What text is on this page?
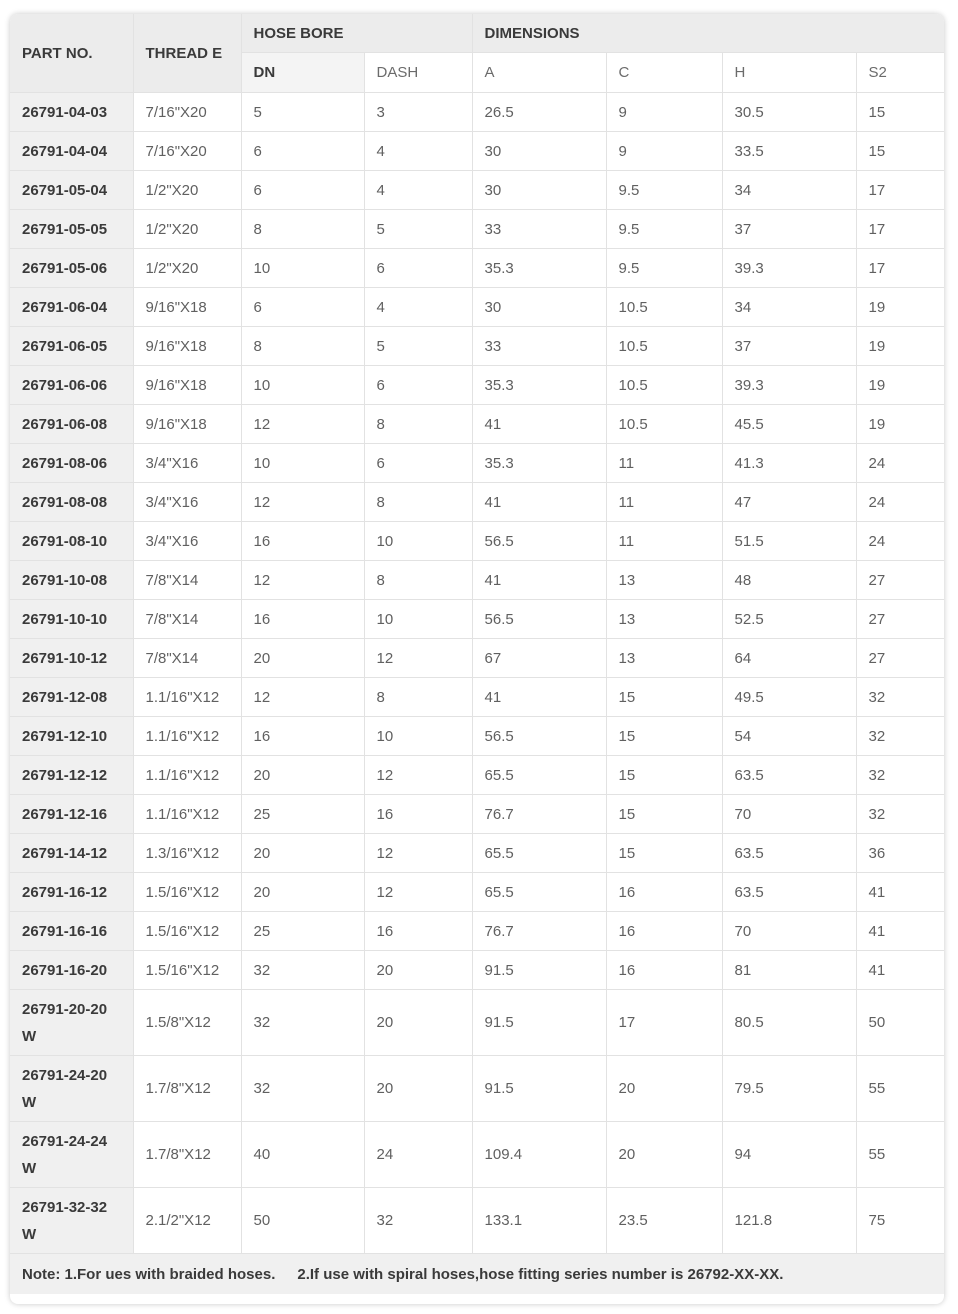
PART NO.	THREAD E	HOSE BORE		DIMENSIONS			
		DN	DASH	A	C	H	S2
26791-04-03	7/16"X20	5	3	26.5	9	30.5	15
26791-04-04	7/16"X20	6	4	30	9	33.5	15
26791-05-04	1/2"X20	6	4	30	9.5	34	17
26791-05-05	1/2"X20	8	5	33	9.5	37	17
26791-05-06	1/2"X20	10	6	35.3	9.5	39.3	17
26791-06-04	9/16"X18	6	4	30	10.5	34	19
26791-06-05	9/16"X18	8	5	33	10.5	37	19
26791-06-06	9/16"X18	10	6	35.3	10.5	39.3	19
26791-06-08	9/16"X18	12	8	41	10.5	45.5	19
26791-08-06	3/4"X16	10	6	35.3	11	41.3	24
26791-08-08	3/4"X16	12	8	41	11	47	24
26791-08-10	3/4"X16	16	10	56.5	11	51.5	24
26791-10-08	7/8"X14	12	8	41	13	48	27
26791-10-10	7/8"X14	16	10	56.5	13	52.5	27
26791-10-12	7/8"X14	20	12	67	13	64	27
26791-12-08	1.1/16"X12	12	8	41	15	49.5	32
26791-12-10	1.1/16"X12	16	10	56.5	15	54	32
26791-12-12	1.1/16"X12	20	12	65.5	15	63.5	32
26791-12-16	1.1/16"X12	25	16	76.7	15	70	32
26791-14-12	1.3/16"X12	20	12	65.5	15	63.5	36
26791-16-12	1.5/16"X12	20	12	65.5	16	63.5	41
26791-16-16	1.5/16"X12	25	16	76.7	16	70	41
26791-16-20	1.5/16"X12	32	20	91.5	16	81	41
26791-20-20 W	1.5/8"X12	32	20	91.5	17	80.5	50
26791-24-20 W	1.7/8"X12	32	20	91.5	20	79.5	55
26791-24-24 W	1.7/8"X12	40	24	109.4	20	94	55
26791-32-32 W	2.1/2"X12	50	32	133.1	23.5	121.8	75
Note: 1.For ues with braided hoses. 2.If use with spiral hoses,hose fitting series number is 26792-XX-XX.							
